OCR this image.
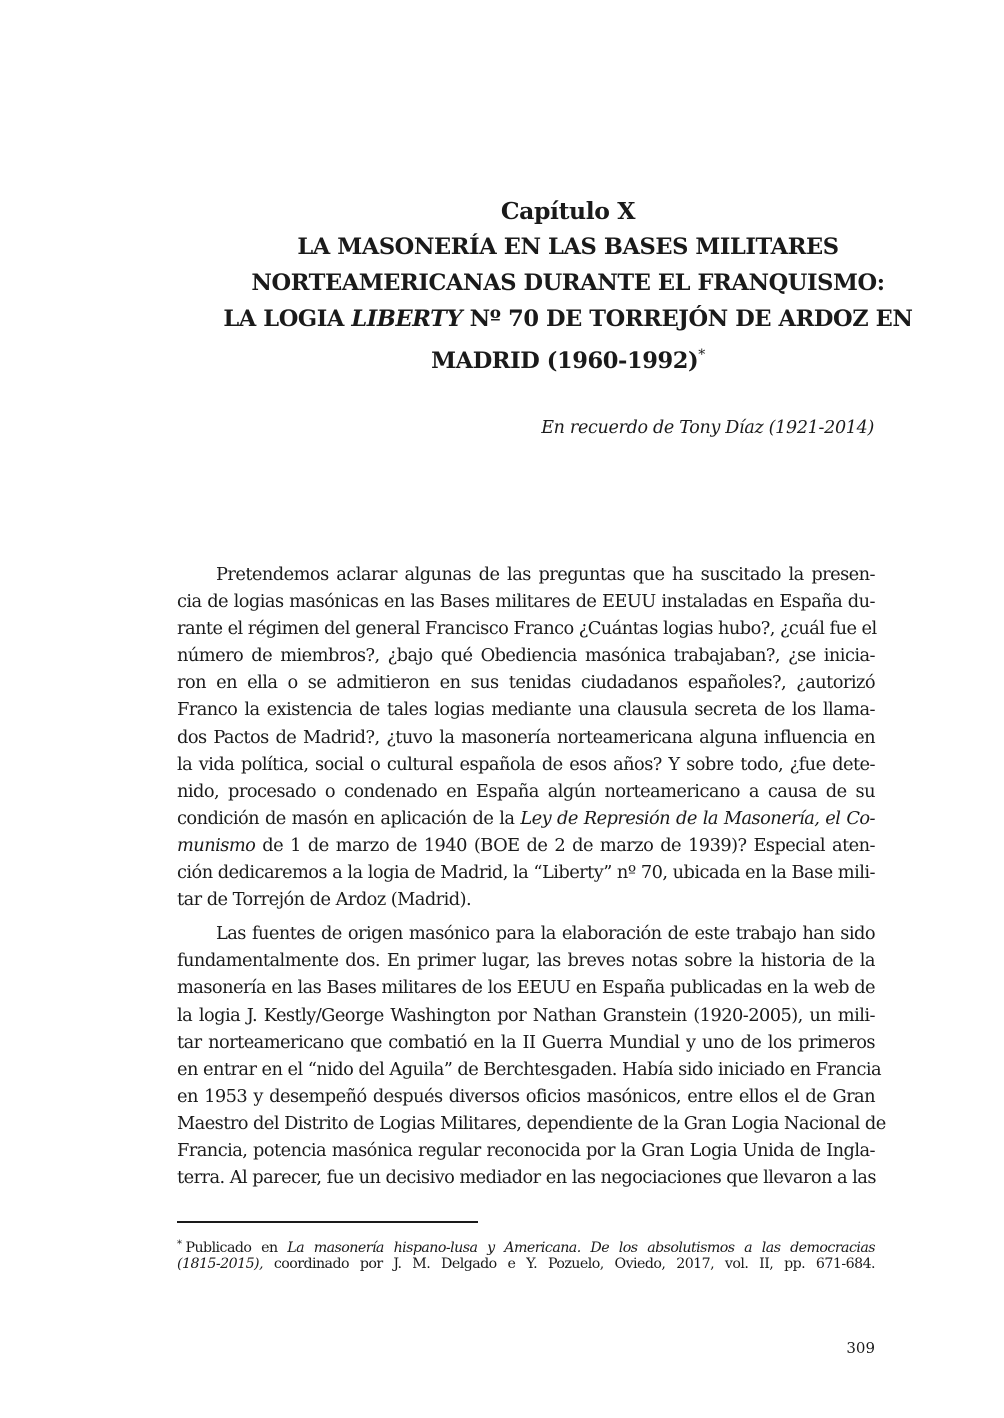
Capítulo X
LA MASONERÍA EN LAS BASES MILITARES
NORTEAMERICANAS DURANTE EL FRANQUISMO:
LA LOGIA LIBERTY Nº 70 DE TORREJÓN DE ARDOZ EN
MADRID (1960-1992)*
En recuerdo de Tony Díaz (1921-2014)
Pretendemos aclarar algunas de las preguntas que ha suscitado la presen-
cia de logias masónicas en las Bases militares de EEUU instaladas en España du-
rante el régimen del general Francisco Franco ¿Cuántas logias hubo?, ¿cuál fue el
número de miembros?, ¿bajo qué Obediencia masónica trabajaban?, ¿se inicia-
ron en ella o se admitieron en sus tenidas ciudadanos españoles?, ¿autorizó
Franco la existencia de tales logias mediante una clausula secreta de los llama-
dos Pactos de Madrid?, ¿tuvo la masonería norteamericana alguna influencia en
la vida política, social o cultural española de esos años? Y sobre todo, ¿fue dete-
nido, procesado o condenado en España algún norteamericano a causa de su
condición de masón en aplicación de la Ley de Represión de la Masonería, el Co-
munismo de 1 de marzo de 1940 (BOE de 2 de marzo de 1939)? Especial aten-
ción dedicaremos a la logia de Madrid, la “Liberty” nº 70, ubicada en la Base mili-
tar de Torrejón de Ardoz (Madrid).
Las fuentes de origen masónico para la elaboración de este trabajo han sido
fundamentalmente dos. En primer lugar, las breves notas sobre la historia de la
masonería en las Bases militares de los EEUU en España publicadas en la web de
la logia J. Kestly/George Washington por Nathan Granstein (1920-2005), un mili-
tar norteamericano que combatió en la II Guerra Mundial y uno de los primeros
en entrar en el “nido del Aguila” de Berchtesgaden. Había sido iniciado en Francia
en 1953 y desempeñó después diversos oficios masónicos, entre ellos el de Gran
Maestro del Distrito de Logias Militares, dependiente de la Gran Logia Nacional de
Francia, potencia masónica regular reconocida por la Gran Logia Unida de Ingla-
terra. Al parecer, fue un decisivo mediador en las negociaciones que llevaron a las
* Publicado en La masonería hispano-lusa y Americana. De los absolutismos a las democracias
(1815-2015), coordinado por J. M. Delgado e Y. Pozuelo, Oviedo, 2017, vol. II, pp. 671-684.
309
